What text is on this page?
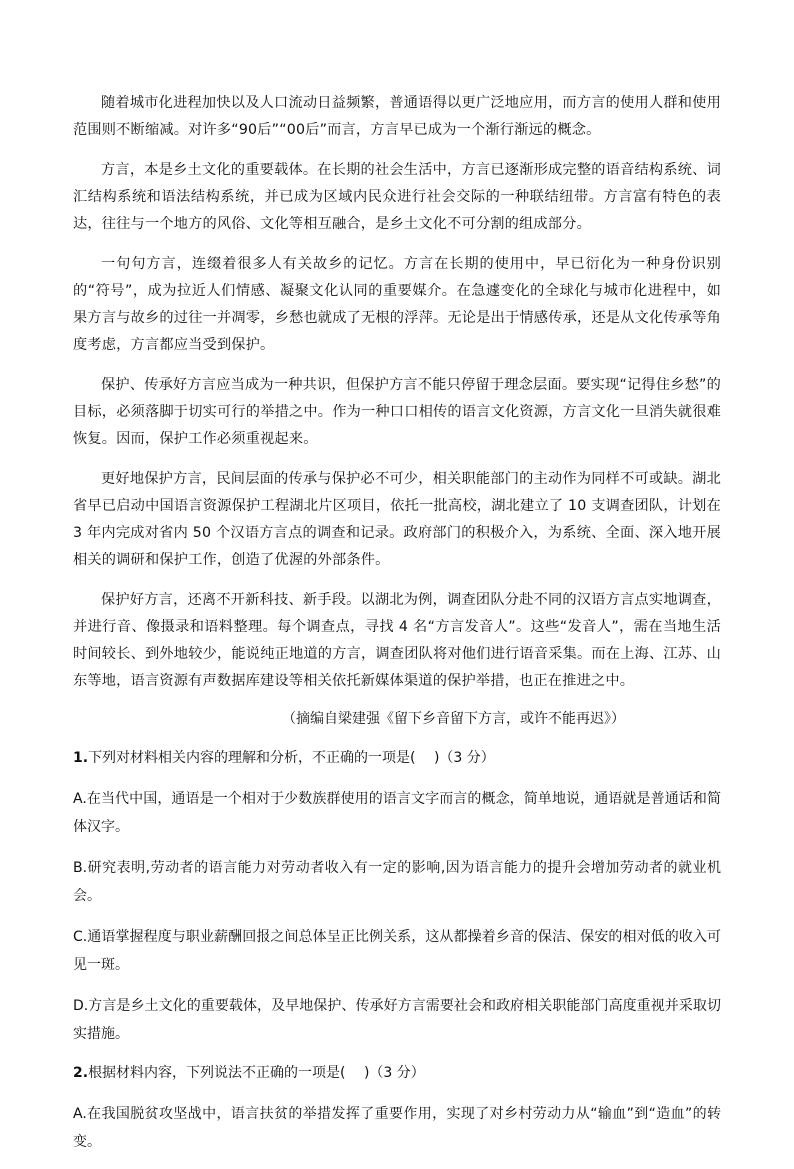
随着城市化进程加快以及人口流动日益频繁，普通语得以更广泛地应用，而方言的使用人群和使用范围则不断缩减。对许多“90后”“00后”而言，方言早已成为一个渐行渐远的概念。

方言，本是乡土文化的重要载体。在长期的社会生活中，方言已逐渐形成完整的语音结构系统、词汇结构系统和语法结构系统，并已成为区域内民众进行社会交际的一种联结纽带。方言富有特色的表达，往往与一个地方的风俗、文化等相互融合，是乡土文化不可分割的组成部分。

一句句方言，连缀着很多人有关故乡的记忆。方言在长期的使用中，早已衍化为一种身份识别的“符号”，成为拉近人们情感、凝聚文化认同的重要媒介。在急遽变化的全球化与城市化进程中，如果方言与故乡的过往一并凋零，乡愁也就成了无根的浮萍。无论是出于情感传承，还是从文化传承等角度考虑，方言都应当受到保护。

保护、传承好方言应当成为一种共识，但保护方言不能只停留于理念层面。要实现“记得住乡愁”的目标，必须落脚于切实可行的举措之中。作为一种口口相传的语言文化资源，方言文化一旦消失就很难恢复。因而，保护工作必须重视起来。

更好地保护方言，民间层面的传承与保护必不可少，相关职能部门的主动作为同样不可或缺。湖北省早已启动中国语言资源保护工程湖北片区项目，依托一批高校，湖北建立了 10 支调查团队，计划在 3 年内完成对省内 50 个汉语方言点的调查和记录。政府部门的积极介入，为系统、全面、深入地开展相关的调研和保护工作，创造了优渥的外部条件。

保护好方言，还离不开新科技、新手段。以湖北为例，调查团队分赴不同的汉语方言点实地调查，并进行音、像摄录和语料整理。每个调查点，寻找 4 名“方言发音人”。这些“发音人”，需在当地生活时间较长、到外地较少，能说纯正地道的方言，调查团队将对他们进行语音采集。而在上海、江苏、山东等地，语言资源有声数据库建设等相关依托新媒体渠道的保护举措，也正在推进之中。

（摘编自梁建强《留下乡音留下方言，或许不能再迟》）

1.下列对材料相关内容的理解和分析，不正确的一项是(　 )（3 分）
A.在当代中国，通语是一个相对于少数族群使用的语言文字而言的概念，简单地说，通语就是普通话和简体汉字。
B.研究表明,劳动者的语言能力对劳动者收入有一定的影响,因为语言能力的提升会增加劳动者的就业机会。
C.通语掌握程度与职业薪酬回报之间总体呈正比例关系，这从都操着乡音的保洁、保安的相对低的收入可见一斑。
D.方言是乡土文化的重要载体，及早地保护、传承好方言需要社会和政府相关职能部门高度重视并采取切实措施。
2.根据材料内容，下列说法不正确的一项是(　 )（3 分）
A.在我国脱贫攻坚战中，语言扶贫的举措发挥了重要作用，实现了对乡村劳动力从“输血”到“造血”的转变。
